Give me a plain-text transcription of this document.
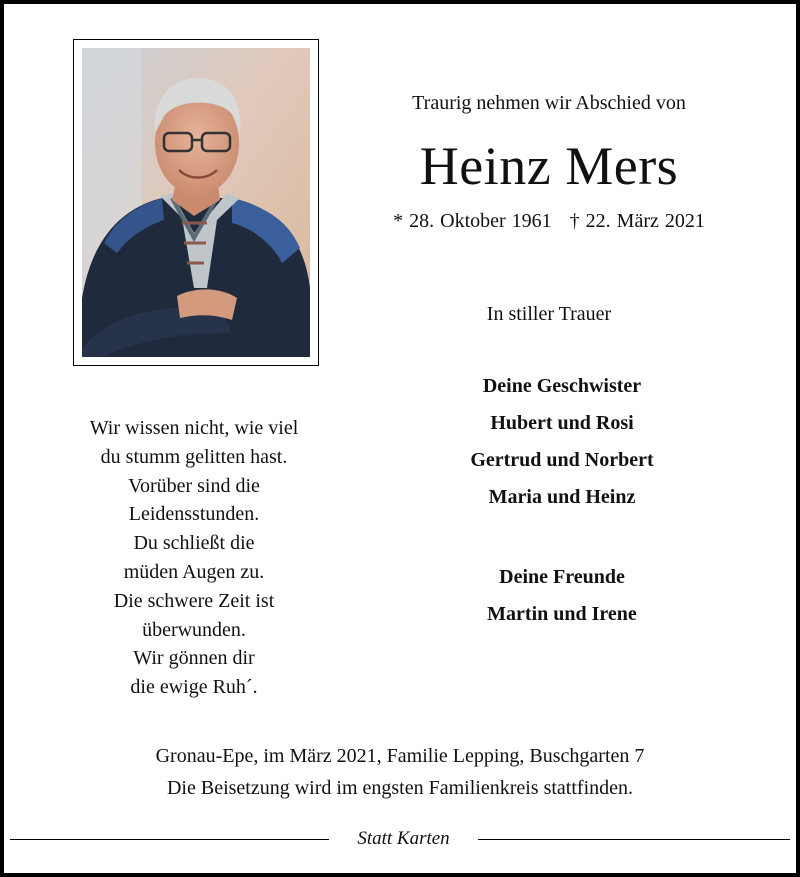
Traurig nehmen wir Abschied von
Heinz Mers
* 28. Oktober 1961 † 22. März 2021
In stiller Trauer
Deine Geschwister
Hubert und Rosi
Gertrud und Norbert
Maria und Heinz
Deine Freunde
Martin und Irene
Wir wissen nicht, wie viel
du stumm gelitten hast.
Vorüber sind die
Leidensstunden.
Du schließt die
müden Augen zu.
Die schwere Zeit ist
überwunden.
Wir gönnen dir
die ewige Ruh´.
Gronau-Epe, im März 2021, Familie Lepping, Buschgarten 7
Die Beisetzung wird im engsten Familienkreis stattfinden.
Statt Karten
